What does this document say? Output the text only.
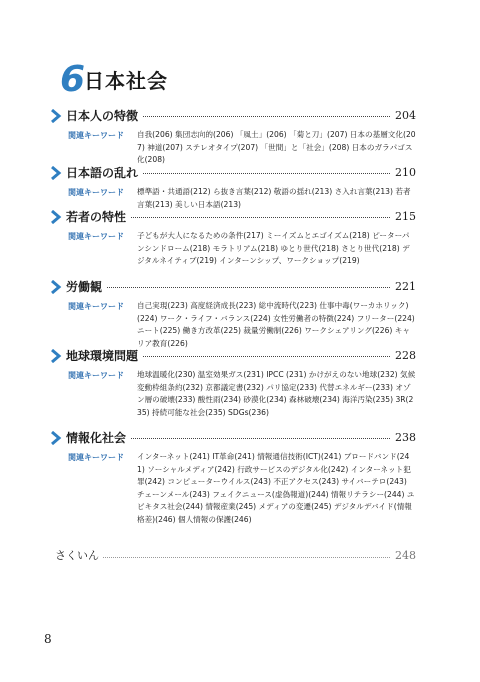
6
日本社会
日本人の特徴	204
関連キーワード 自我(206) 集団志向的(206) 「風土」(206) 「菊と刀」(207) 日本の基層文化(207) 神道(207) ステレオタイプ(207) 「世間」と「社会」(208) 日本のガラパゴス化(208)
日本語の乱れ	210
関連キーワード 標準語・共通語(212) ら抜き言葉(212) 敬語の揺れ(213) さ入れ言葉(213) 若者言葉(213) 美しい日本語(213)
若者の特性	215
関連キーワード 子どもが大人になるための条件(217) ミーイズムとエゴイズム(218) ピーターパンシンドローム(218) モラトリアム(218) ゆとり世代(218) さとり世代(218) デジタルネイティブ(219) インターンシップ、ワークショップ(219)
労働観	221
関連キーワード 自己実現(223) 高度経済成長(223) 総中流時代(223) 仕事中毒(ワーカホリック)(224) ワーク・ライフ・バランス(224) 女性労働者の特徴(224) フリーター(224) ニート(225) 働き方改革(225) 裁量労働制(226) ワークシェアリング(226) キャリア教育(226)
地球環境問題	228
関連キーワード 地球温暖化(230) 温室効果ガス(231) IPCC (231) かけがえのない地球(232) 気候変動枠組条約(232) 京都議定書(232) パリ協定(233) 代替エネルギー(233) オゾン層の破壊(233) 酸性雨(234) 砂漠化(234) 森林破壊(234) 海洋汚染(235) 3R(235) 持続可能な社会(235) SDGs(236)
情報化社会	238
関連キーワード インターネット(241) IT革命(241) 情報通信技術(ICT)(241) ブロードバンド(241) ソーシャルメディア(242) 行政サービスのデジタル化(242) インターネット犯罪(242) コンピューターウイルス(243) 不正アクセス(243) サイバーテロ(243) チェーンメール(243) フェイクニュース(虚偽報道)(244) 情報リテラシー(244) ユビキタス社会(244) 情報産業(245) メディアの変遷(245) デジタルデバイド(情報格差)(246) 個人情報の保護(246)
さくいん	248
8
